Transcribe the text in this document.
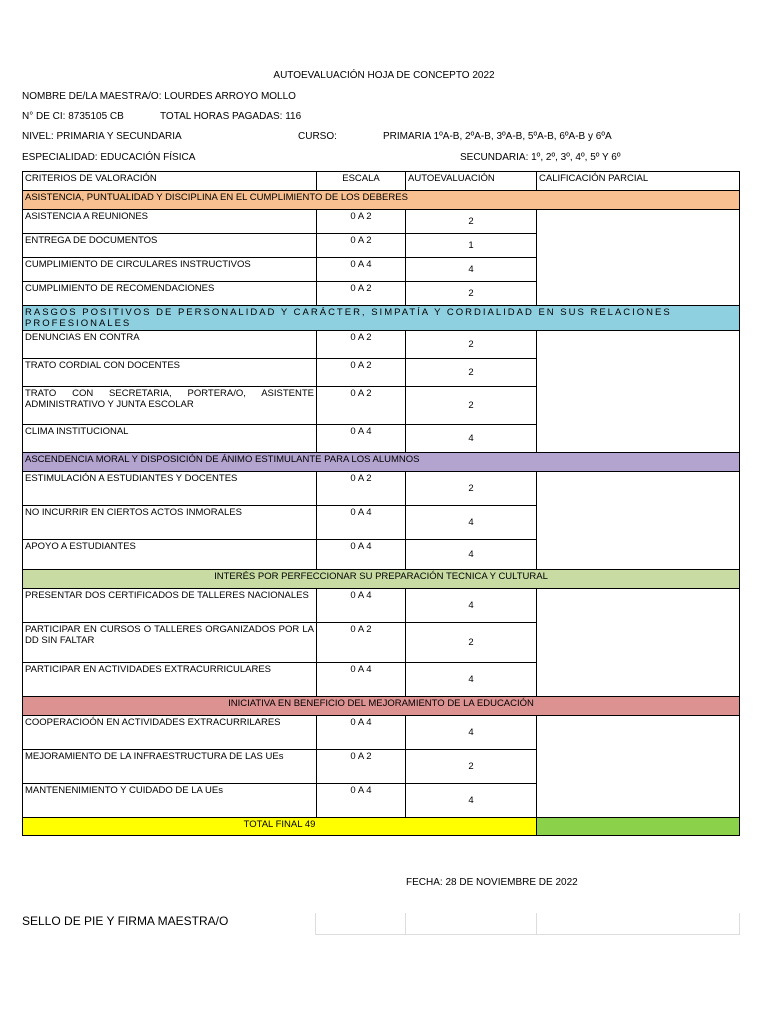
AUTOEVALUACIÓN HOJA DE CONCEPTO 2022
NOMBRE DE/LA MAESTRA/O: LOURDES ARROYO MOLLO
N° DE CI: 8735105 CB	TOTAL HORAS PAGADAS: 116
NIVEL: PRIMARIA Y SECUNDARIA	CURSO:	PRIMARIA 1ºA-B, 2ºA-B, 3ºA-B, 5ºA-B, 6ºA-B y 6ºA
ESPECIALIDAD: EDUCACIÓN FÍSICA	SECUNDARIA: 1º, 2º, 3º, 4º, 5º Y 6º
CRITERIOS DE VALORACIÓN	ESCALA	AUTOEVALUACIÓN	CALIFICACIÓN PARCIAL
ASISTENCIA, PUNTUALIDAD Y DISCIPLINA EN EL CUMPLIMIENTO DE LOS DEBERES			
ASISTENCIA A REUNIONES	0 A 2	2	
ENTREGA DE DOCUMENTOS	0 A 2	1	
CUMPLIMIENTO DE CIRCULARES INSTRUCTIVOS	0 A 4	4	
CUMPLIMIENTO DE RECOMENDACIONES	0 A 2	2	
RASGOS POSITIVOS DE PERSONALIDAD Y CARÁCTER, SIMPATÍA Y CORDIALIDAD EN SUS RELACIONES PROFESIONALES			
DENUNCIAS EN CONTRA	0 A 2	2	
TRATO CORDIAL CON DOCENTES	0 A 2	2	
TRATO CON SECRETARIA, PORTERA/O, ASISTENTE ADMINISTRATIVO Y JUNTA ESCOLAR	0 A 2	2	
CLIMA INSTITUCIONAL	0 A 4	4	
ASCENDENCIA MORAL Y DISPOSICIÓN DE ÁNIMO ESTIMULANTE PARA LOS ALUMNOS			
ESTIMULACIÓN A ESTUDIANTES Y DOCENTES	0 A 2	2	
NO INCURRIR EN CIERTOS ACTOS INMORALES	0 A 4	4	
APOYO A ESTUDIANTES	0 A 4	4	
INTERÉS POR PERFECCIONAR SU PREPARACIÓN TECNICA Y CULTURAL			
PRESENTAR DOS CERTIFICADOS DE TALLERES NACIONALES	0 A 4	4	
PARTICIPAR EN CURSOS O TALLERES ORGANIZADOS POR LA DD SIN FALTAR	0 A 2	2	
PARTICIPAR EN ACTIVIDADES EXTRACURRICULARES	0 A 4	4	
INICIATIVA EN BENEFICIO DEL MEJORAMIENTO DE LA EDUCACIÓN			
COOPERACIOÓN EN ACTIVIDADES EXTRACURRILARES	0 A 4	4	
MEJORAMIENTO DE LA INFRAESTRUCTURA DE LAS UEs	0 A 2	2	
MANTENENIMIENTO Y CUIDADO DE LA UEs	0 A 4	4	
TOTAL FINAL 49			
FECHA: 28 DE NOVIEMBRE DE 2022
SELLO DE PIE Y FIRMA MAESTRA/O
